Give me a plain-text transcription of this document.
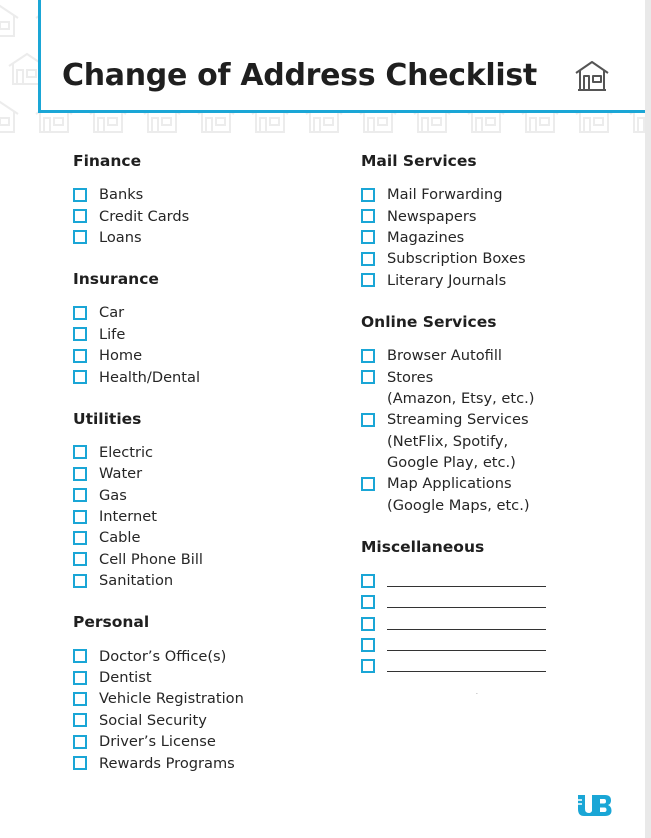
Change of Address Checklist
Finance
Banks
Credit Cards
Loans
Insurance
Car
Life
Home
Health/Dental
Utilities
Electric
Water
Gas
Internet
Cable
Cell Phone Bill
Sanitation
Personal
Doctor’s Office(s)
Dentist
Vehicle Registration
Social Security
Driver’s License
Rewards Programs
Mail Services
Mail Forwarding
Newspapers
Magazines
Subscription Boxes
Literary Journals
Online Services
Browser Autofill
Stores
(Amazon, Etsy, etc.)
Streaming Services
(NetFlix, Spotify,
Google Play, etc.)
Map Applications
(Google Maps, etc.)
Miscellaneous
UB
